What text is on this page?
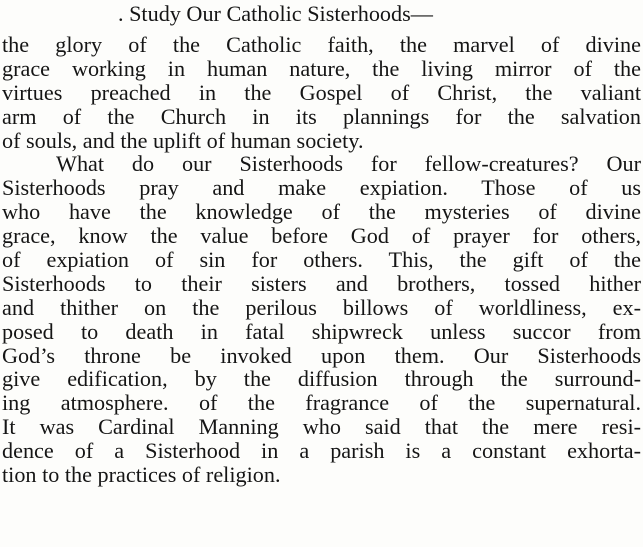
. Study Our Catholic Sisterhoods—
the glory of the Catholic faith, the marvel of divine
grace working in human nature, the living mirror of the
virtues preached in the Gospel of Christ, the valiant
arm of the Church in its plannings for the salvation
of souls, and the uplift of human society.
What do our Sisterhoods for fellow-creatures? Our
Sisterhoods pray and make expiation. Those of us
who have the knowledge of the mysteries of divine
grace, know the value before God of prayer for others,
of expiation of sin for others. This, the gift of the
Sisterhoods to their sisters and brothers, tossed hither
and thither on the perilous billows of worldliness, ex-
posed to death in fatal shipwreck unless succor from
God’s throne be invoked upon them. Our Sisterhoods
give edification, by the diffusion through the surround-
ing atmosphere. of the fragrance of the supernatural.
It was Cardinal Manning who said that the mere resi-
dence of a Sisterhood in a parish is a constant exhorta-
tion to the practices of religion.
